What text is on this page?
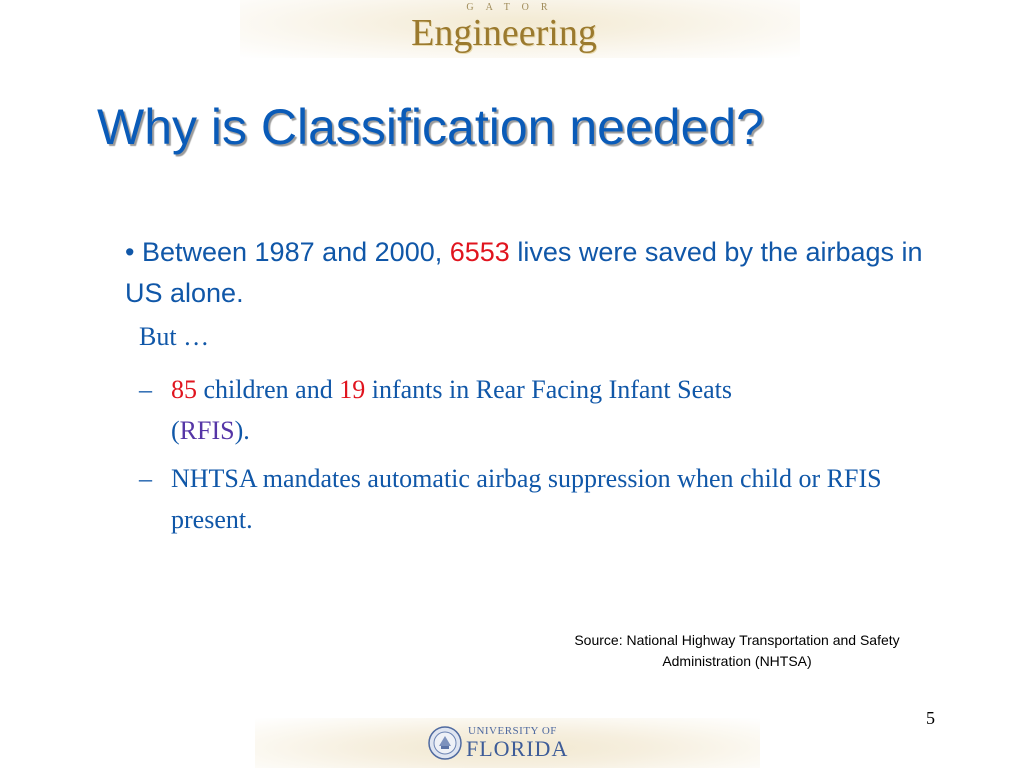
GATOR
Engineering
Why is Classification needed?
• Between 1987 and 2000, 6553 lives were saved by the airbags in US alone.
But …
– 85 children and 19 infants in Rear Facing Infant Seats
(RFIS).
– NHTSA mandates automatic airbag suppression when child or RFIS present.
Source: National Highway Transportation and Safety Administration (NHTSA)
5
UNIVERSITY OF
FLORIDA
